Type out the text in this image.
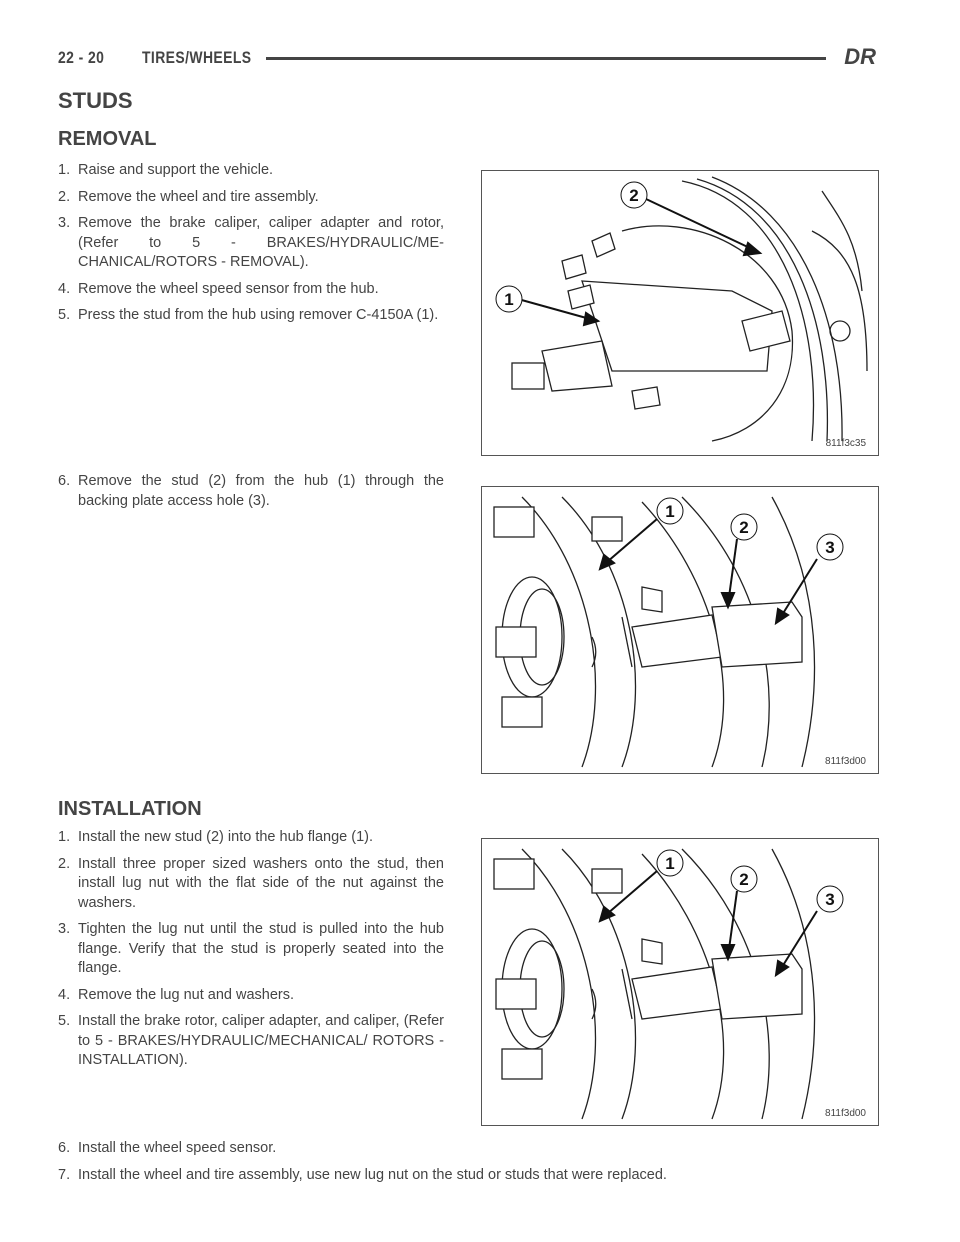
22 - 20 TIRES/WHEELS	DR
STUDS
REMOVAL
1. Raise and support the vehicle.
2. Remove the wheel and tire assembly.
3. Remove the brake caliper, caliper adapter and rotor, (Refer to 5 - BRAKES/HYDRAULIC/ME-CHANICAL/ROTORS - REMOVAL).
4. Remove the wheel speed sensor from the hub.
5. Press the stud from the hub using remover C-4150A (1).
6. Remove the stud (2) from the hub (1) through the backing plate access hole (3).
INSTALLATION
1. Install the new stud (2) into the hub flange (1).
2. Install three proper sized washers onto the stud, then install lug nut with the flat side of the nut against the washers.
3. Tighten the lug nut until the stud is pulled into the hub flange. Verify that the stud is properly seated into the flange.
4. Remove the lug nut and washers.
5. Install the brake rotor, caliper adapter, and caliper, (Refer to 5 - BRAKES/HYDRAULIC/MECHANICAL/ ROTORS - INSTALLATION).
6. Install the wheel speed sensor.
7. Install the wheel and tire assembly, use new lug nut on the stud or studs that were replaced.
1
2
811f3c35
1
2
3
811f3d00
1
2
3
811f3d00
